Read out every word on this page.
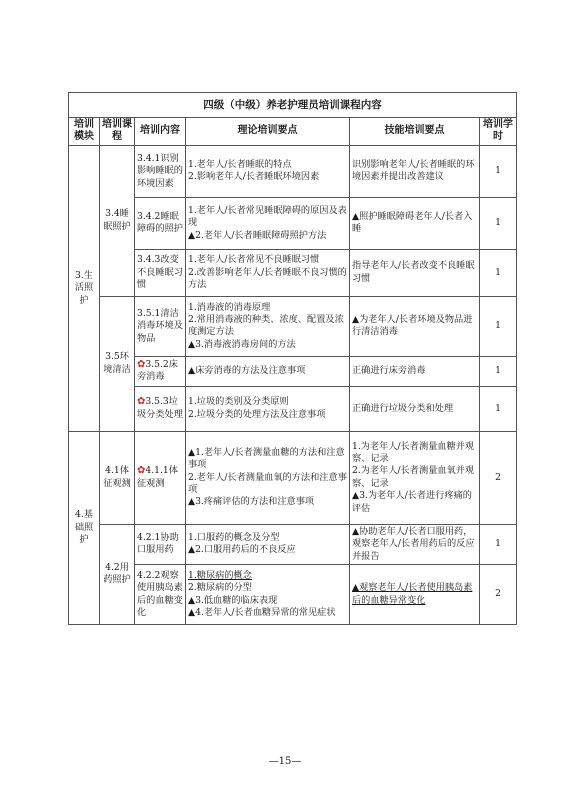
四级（中级）养老护理员培训课程内容					
培训模块	培训课程	培训内容	理论培训要点	技能培训要点	培训学时
3.生活照护	3.4睡眠照护	3.4.1识别影响睡眠的环境因素	1.老年人/长者睡眠的特点
2.影响老年人/长者睡眠环境因素	识别影响老年人/长者睡眠的环境因素并提出改善建议	1
		3.4.2睡眠障碍的照护	1.老年人/长者常见睡眠障碍的原因及表现
▲2.老年人/长者睡眠障碍照护方法	▲照护睡眠障碍老年人/长者入睡	1
		3.4.3改变不良睡眠习惯	1.老年人/长者常见不良睡眠习惯
2.改善影响老年人/长者睡眠不良习惯的方法	指导老年人/长者改变不良睡眠习惯	1
	3.5环境清洁	3.5.1清洁消毒环境及物品	1.消毒液的消毒原理
2.常用消毒液的种类、浓度、配置及浓度测定方法
▲3.消毒液消毒房间的方法	▲为老年人/长者环境及物品进行清洁消毒	1
		✿3.5.2床旁消毒	▲床旁消毒的方法及注意事项	正确进行床旁消毒	1
		✿3.5.3垃圾分类处理	1.垃圾的类别及分类原则
2.垃圾分类的处理方法及注意事项	正确进行垃圾分类和处理	1
4.基础照护	4.1体征观测	✿4.1.1体征观测	▲1.老年人/长者测量血糖的方法和注意事项
2.老年人/长者测量血氧的方法和注意事项
▲3.疼痛评估的方法和注意事项	1.为老年人/长者测量血糖并观察、记录
2.为老年人/长者测量血氧并观察、记录
▲3.为老年人/长者进行疼痛的评估	2
	4.2用药照护	4.2.1协助口服用药	1.口服药的概念及分型
▲2.口服用药后的不良反应	▲协助老年人/长者口服用药，观察老年人/长者用药后的反应并报告	1
		4.2.2观察使用胰岛素后的血糖变化	1.糖尿病的概念
2.糖尿病的分型
▲3.低血糖的临床表现
▲4.老年人/长者血糖异常的常见症状	▲观察老年人/长者使用胰岛素后的血糖异常变化	2
—15—
